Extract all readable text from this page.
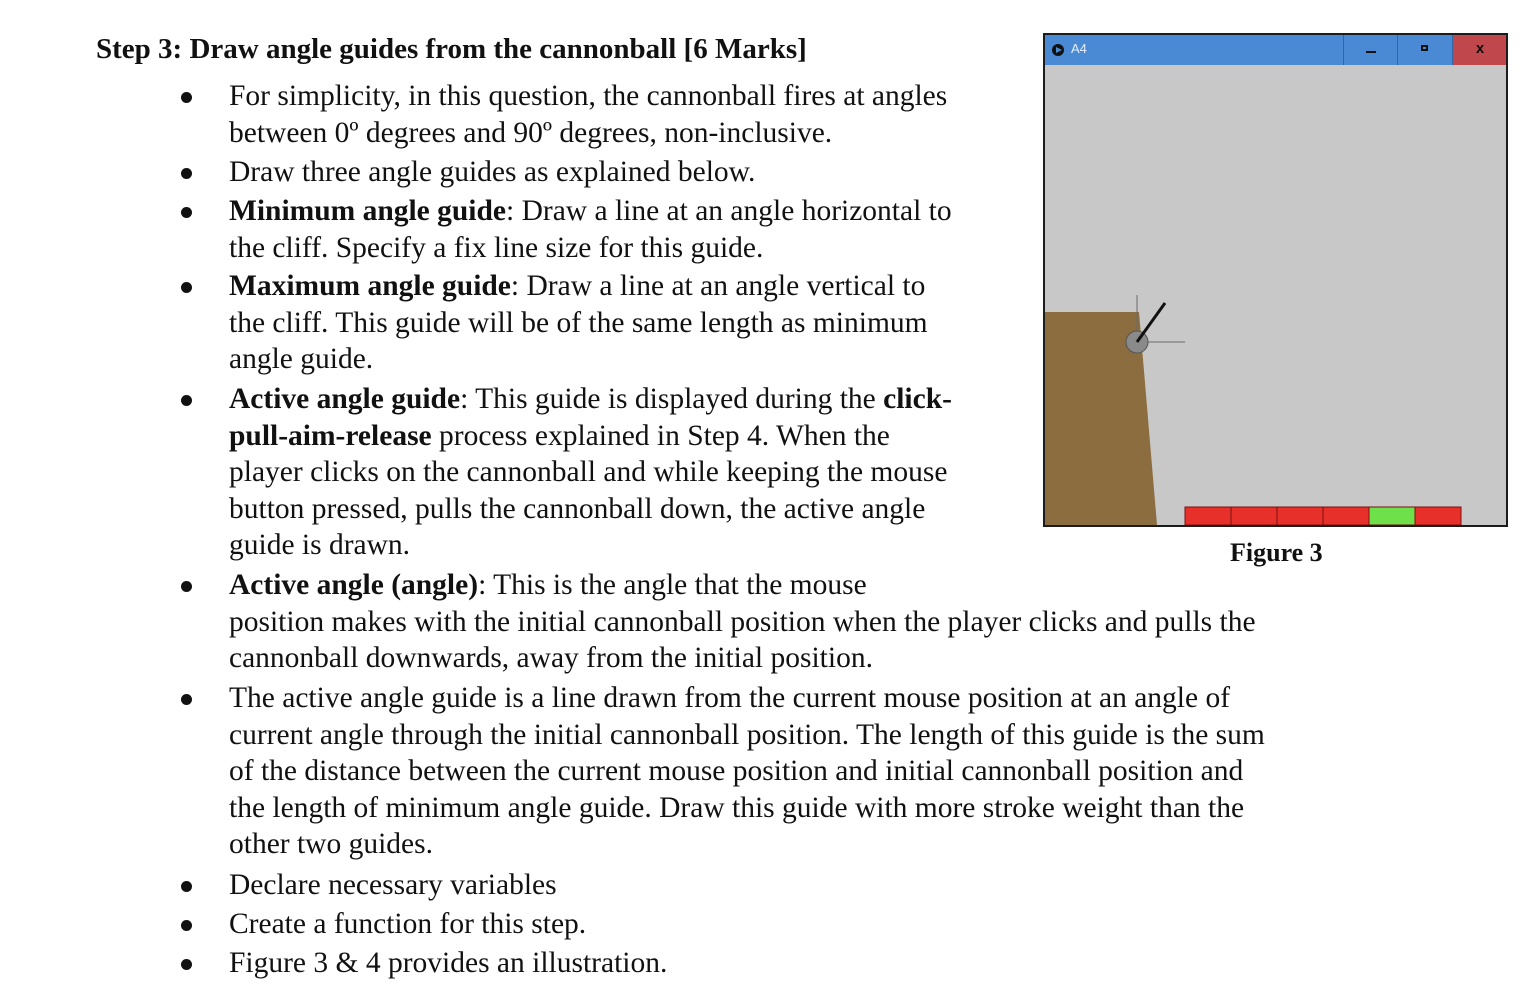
Step 3: Draw angle guides from the cannonball [6 Marks]
For simplicity, in this question, the cannonball fires at angles
between 0º degrees and 90º degrees, non-inclusive.
Draw three angle guides as explained below.
Minimum angle guide: Draw a line at an angle horizontal to
the cliff. Specify a fix line size for this guide.
Maximum angle guide: Draw a line at an angle vertical to
the cliff. This guide will be of the same length as minimum
angle guide.
Active angle guide: This guide is displayed during the click-
pull-aim-release process explained in Step 4. When the
player clicks on the cannonball and while keeping the mouse
button pressed, pulls the cannonball down, the active angle
guide is drawn.
Active angle (angle): This is the angle that the mouse
position makes with the initial cannonball position when the player clicks and pulls the
cannonball downwards, away from the initial position.
The active angle guide is a line drawn from the current mouse position at an angle of
current angle through the initial cannonball position. The length of this guide is the sum
of the distance between the current mouse position and initial cannonball position and
the length of minimum angle guide. Draw this guide with more stroke weight than the
other two guides.
Declare necessary variables
Create a function for this step.
Figure 3 & 4 provides an illustration.
A4	x
Figure 3
